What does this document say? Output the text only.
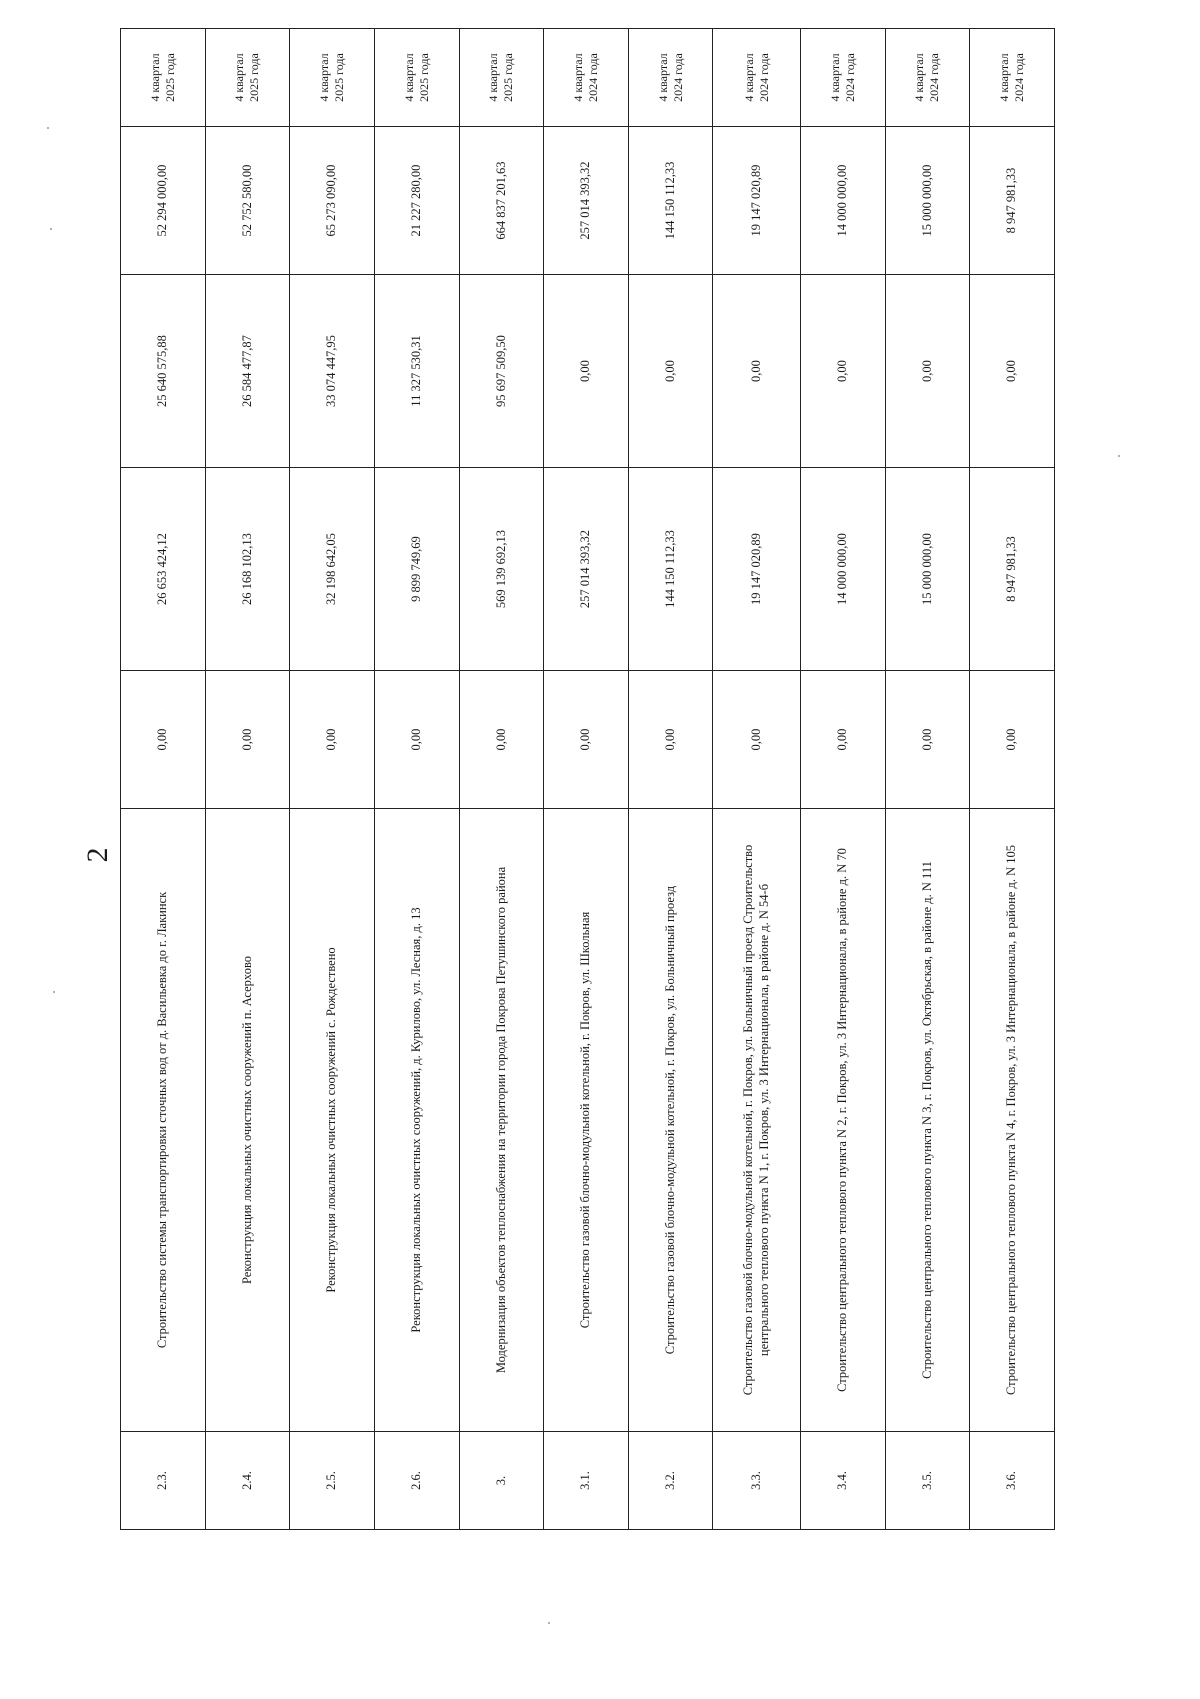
2
2.3.	Строительство системы транспортировки сточных вод от д. Васильевка до г. Лакинск	0,00	26 653 424,12	25 640 575,88	52 294 000,00	4 квартал 2025 года

2.4.	Реконструкция локальных очистных сооружений п. Асерхово	0,00	26 168 102,13	26 584 477,87	52 752 580,00	4 квартал 2025 года

2.5.	Реконструкция локальных очистных сооружений с. Рождествено	0,00	32 198 642,05	33 074 447,95	65 273 090,00	4 квартал 2025 года

2.6.	Реконструкция локальных очистных сооружений, д. Курилово, ул. Лесная, д. 13	0,00	9 899 749,69	11 327 530,31	21 227 280,00	4 квартал 2025 года

3.	Модернизация объектов теплоснабжения на территории города Покрова Петушинского района	0,00	569 139 692,13	95 697 509,50	664 837 201,63	4 квартал 2025 года

3.1.	Строительство газовой блочно-модульной котельной, г. Покров, ул. Школьная	0,00	257 014 393,32	0,00	257 014 393,32	4 квартал 2024 года

3.2.	Строительство газовой блочно-модульной котельной, г. Покров, ул. Больничный проезд	0,00	144 150 112,33	0,00	144 150 112,33	4 квартал 2024 года

3.3.	Строительство газовой блочно-модульной котельной, г. Покров, ул. Больничный проезд Строительство центрального теплового пункта N 1, г. Покров, ул. 3 Интернационала, в районе д. N 54-б	0,00	19 147 020,89	0,00	19 147 020,89	4 квартал 2024 года

3.4.	Строительство центрального теплового пункта N 2, г. Покров, ул. 3 Интернационала, в районе д. N 70	0,00	14 000 000,00	0,00	14 000 000,00	4 квартал 2024 года

3.5.	Строительство центрального теплового пункта N 3, г. Покров, ул. Октябрьская, в районе д. N 111	0,00	15 000 000,00	0,00	15 000 000,00	4 квартал 2024 года

3.6.	Строительство центрального теплового пункта N 4, г. Покров, ул. 3 Интернационала, в районе д. N 105	0,00	8 947 981,33	0,00	8 947 981,33	4 квартал 2024 года
